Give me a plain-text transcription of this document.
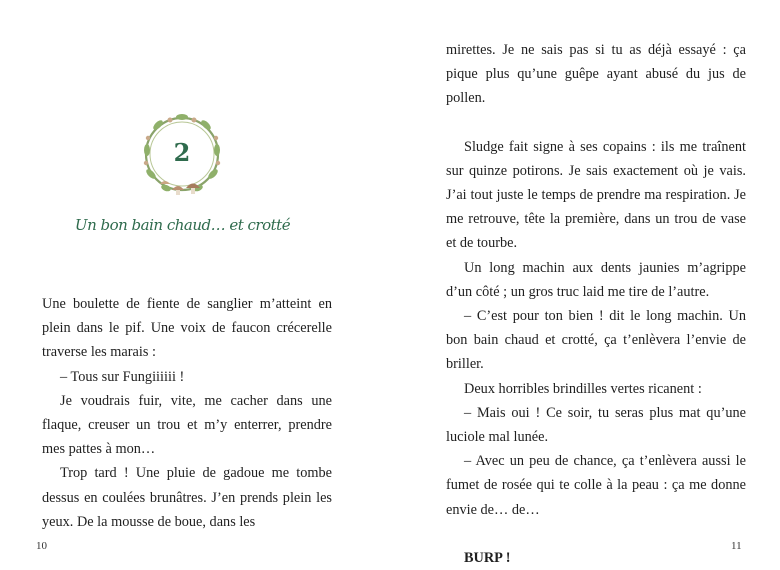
2
Un bon bain chaud… et crotté

Une boulette de fiente de sanglier m’atteint en plein dans le pif. Une voix de faucon crécerelle traverse les marais :

– Tous sur Fungiiiiii !

Je voudrais fuir, vite, me cacher dans une flaque, creuser un trou et m’y enterrer, prendre mes pattes à mon…

Trop tard ! Une pluie de gadoue me tombe dessus en coulées brunâtres. J’en prends plein les yeux. De la mousse de boue, dans les

10

mirettes. Je ne sais pas si tu as déjà essayé : ça pique plus qu’une guêpe ayant abusé du jus de pollen.

Sludge fait signe à ses copains : ils me traînent sur quinze potirons. Je sais exactement où je vais. J’ai tout juste le temps de prendre ma respiration. Je me retrouve, tête la première, dans un trou de vase et de tourbe.

Un long machin aux dents jaunies m’agrippe d’un côté ; un gros truc laid me tire de l’autre.

– C’est pour ton bien ! dit le long machin. Un bon bain chaud et crotté, ça t’enlèvera l’envie de briller.

Deux horribles brindilles vertes ricanent :

– Mais oui ! Ce soir, tu seras plus mat qu’une luciole mal lunée.

– Avec un peu de chance, ça t’enlèvera aussi le fumet de rosée qui te colle à la peau : ça me donne envie de… de…

BURP !

11
